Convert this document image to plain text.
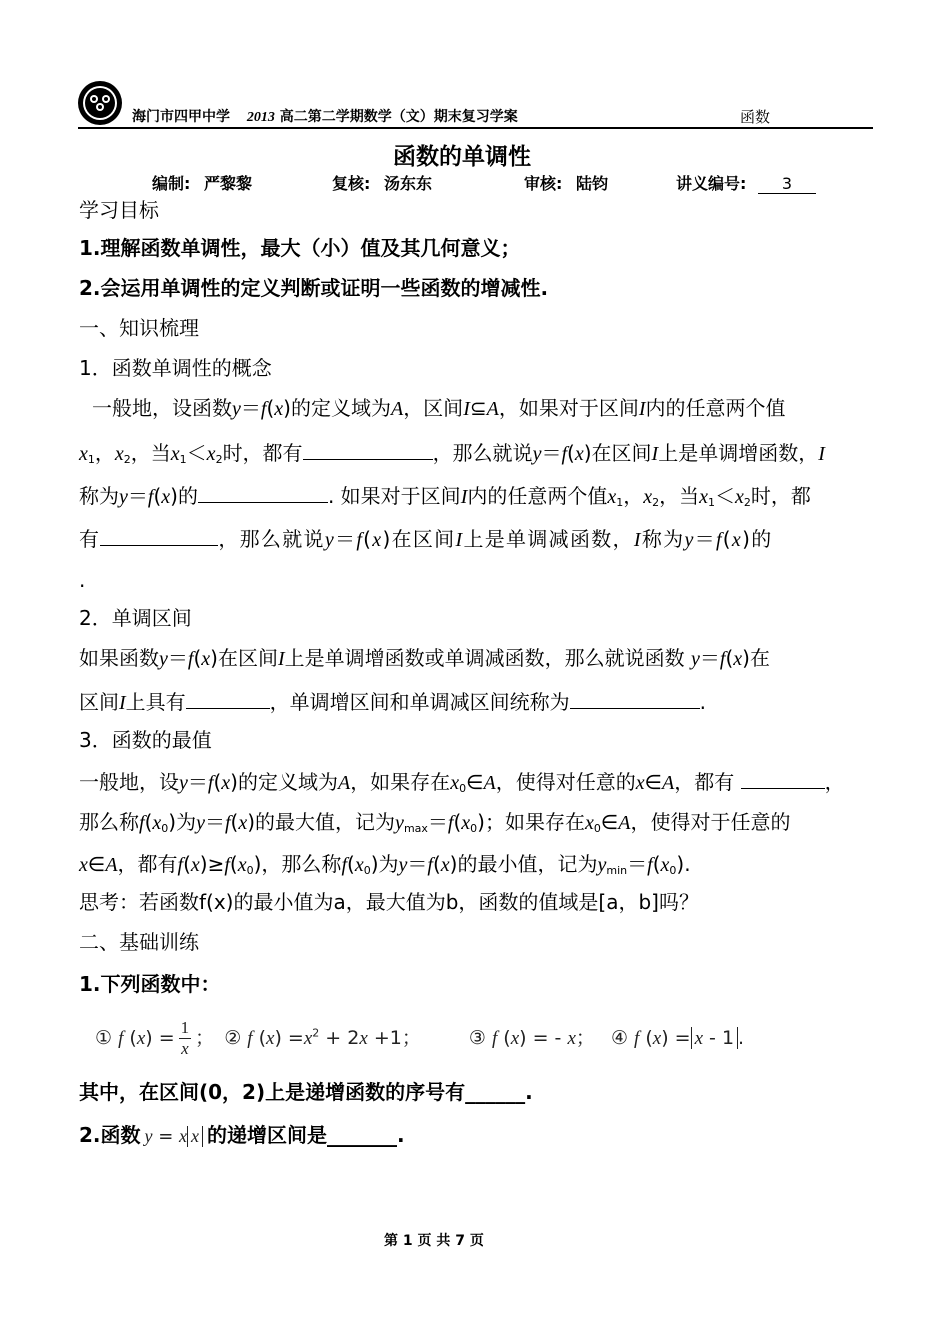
海门市四甲中学 2013 高二第二学期数学（文）期末复习学案	函数
函数的单调性
编制: 严黎黎	复核: 汤东东	审核: 陆钧	讲义编号: 3
学习目标
1.理解函数单调性，最大（小）值及其几何意义；
2.会运用单调性的定义判断或证明一些函数的增减性.
一、知识梳理
1．函数单调性的概念
一般地，设函数y＝f(x)的定义域为A，区间I⊆A，如果对于区间I内的任意两个值
$x_1$，$x_2$，当$x_1<x_2$时，都有	，那么就说y＝f(x)在区间I上是单调增函数，I
称为y＝f(x)的	. 如果对于区间I内的任意两个值$x_1$，$x_2$，当$x_1<x_2$时，都
有	，那么就说y＝f(x)在区间I上是单调减函数，I称为y＝f(x)的
.
2．单调区间
如果函数y＝f(x)在区间I上是单调增函数或单调减函数，那么就说函数 y＝f(x)在
区间I上具有	，单调增区间和单调减区间统称为	.
3．函数的最值
一般地，设y＝f(x)的定义域为A，如果存在$x_0\in A$，使得对任意的x∈A，都有	，
那么称$f(x_0)$为y＝f(x)的最大值，记为$y_{max}=f(x_0)$；如果存在$x_0\in A$，使得对于任意的
x∈A，都有$f(x)\ge f(x_0)$，那么称$f(x_0)$为y＝f(x)的最小值，记为$y_{min}=f(x_0)$.
思考：若函数f(x)的最小值为a，最大值为b，函数的值域是[a，b]吗？
二、基础训练
1.下列函数中：
① f $(x) = \frac{1}{x}$ ； ② f $(x) =x^2 + 2x +1$；	③ f (x) = - x； ④ f (x) = x - 1 .
其中，在区间(0，2)上是递增函数的序号有______.
2.函数 y = x x 的递增区间是_______.
第 1 页 共 7 页
